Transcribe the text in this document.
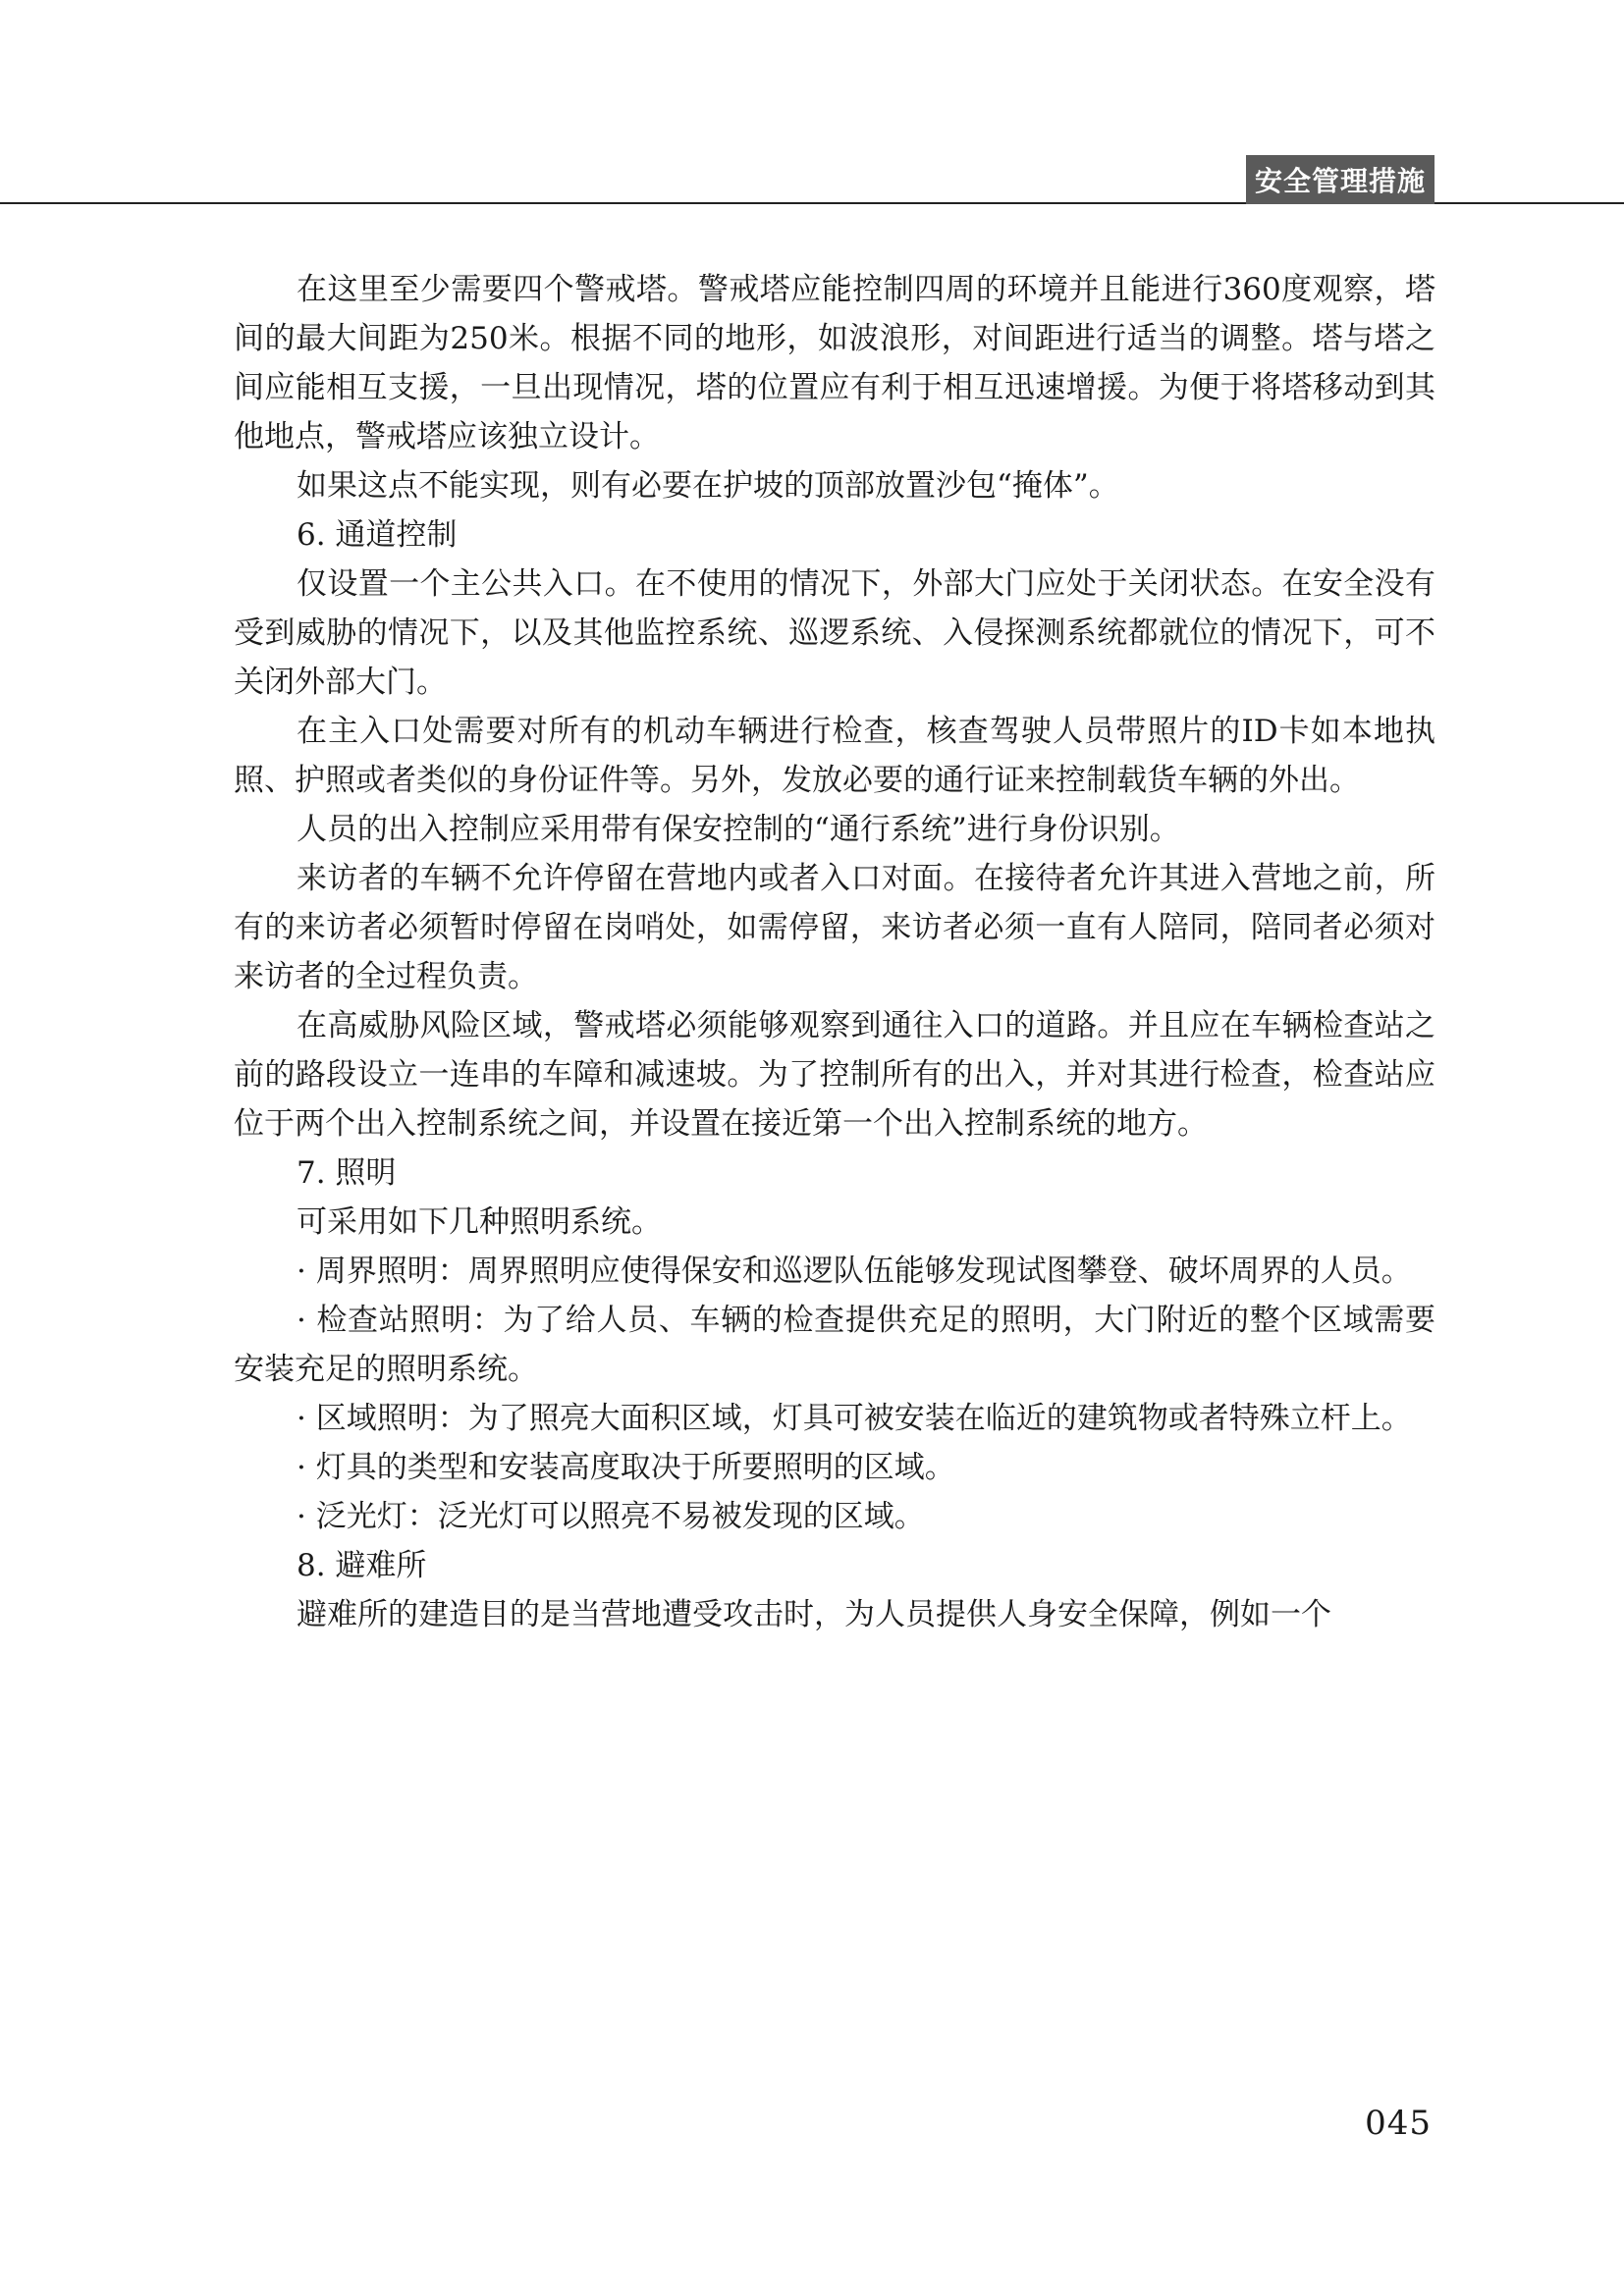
安全管理措施

在这里至少需要四个警戒塔。警戒塔应能控制四周的环境并且能进行360度观察，塔间的最大间距为250米。根据不同的地形，如波浪形，对间距进行适当的调整。塔与塔之间应能相互支援，一旦出现情况，塔的位置应有利于相互迅速增援。为便于将塔移动到其他地点，警戒塔应该独立设计。

如果这点不能实现，则有必要在护坡的顶部放置沙包“掩体”。

6. 通道控制

仅设置一个主公共入口。在不使用的情况下，外部大门应处于关闭状态。在安全没有受到威胁的情况下，以及其他监控系统、巡逻系统、入侵探测系统都就位的情况下，可不关闭外部大门。

在主入口处需要对所有的机动车辆进行检查，核查驾驶人员带照片的ID卡如本地执照、护照或者类似的身份证件等。另外，发放必要的通行证来控制载货车辆的外出。

人员的出入控制应采用带有保安控制的“通行系统”进行身份识别。

来访者的车辆不允许停留在营地内或者入口对面。在接待者允许其进入营地之前，所有的来访者必须暂时停留在岗哨处，如需停留，来访者必须一直有人陪同，陪同者必须对来访者的全过程负责。

在高威胁风险区域，警戒塔必须能够观察到通往入口的道路。并且应在车辆检查站之前的路段设立一连串的车障和减速坡。为了控制所有的出入，并对其进行检查，检查站应位于两个出入控制系统之间，并设置在接近第一个出入控制系统的地方。

7. 照明

可采用如下几种照明系统。

· 周界照明：周界照明应使得保安和巡逻队伍能够发现试图攀登、破坏周界的人员。

· 检查站照明：为了给人员、车辆的检查提供充足的照明，大门附近的整个区域需要安装充足的照明系统。

· 区域照明：为了照亮大面积区域，灯具可被安装在临近的建筑物或者特殊立杆上。

· 灯具的类型和安装高度取决于所要照明的区域。

· 泛光灯：泛光灯可以照亮不易被发现的区域。

8. 避难所

避难所的建造目的是当营地遭受攻击时，为人员提供人身安全保障，例如一个

045
